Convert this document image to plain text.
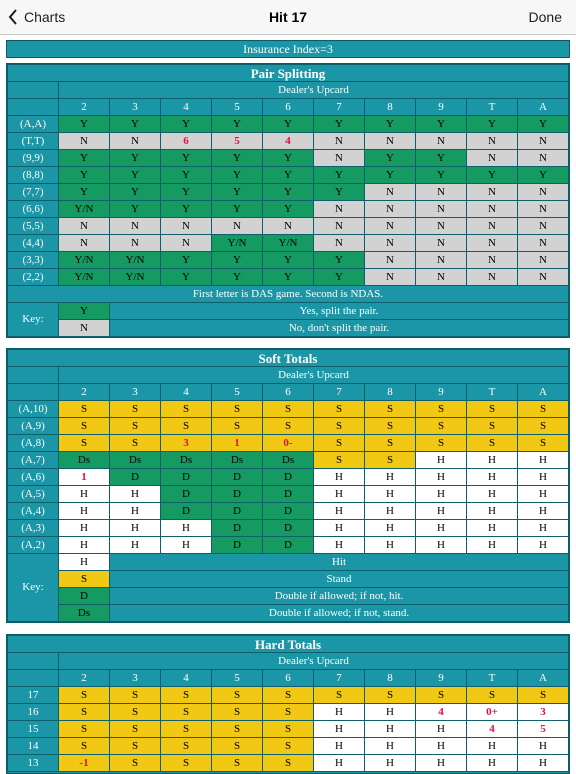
Charts	Hit 17	Done
Insurance Index=3
Pair Splitting										
	Dealer's Upcard									
	2	3	4	5	6	7	8	9	T	A
(A,A)	Y	Y	Y	Y	Y	Y	Y	Y	Y	Y
(T,T)	N	N	6	5	4	N	N	N	N	N
(9,9)	Y	Y	Y	Y	Y	N	Y	Y	N	N
(8,8)	Y	Y	Y	Y	Y	Y	Y	Y	Y	Y
(7,7)	Y	Y	Y	Y	Y	Y	N	N	N	N
(6,6)	Y/N	Y	Y	Y	Y	N	N	N	N	N
(5,5)	N	N	N	N	N	N	N	N	N	N
(4,4)	N	N	N	Y/N	Y/N	N	N	N	N	N
(3,3)	Y/N	Y/N	Y	Y	Y	Y	N	N	N	N
(2,2)	Y/N	Y/N	Y	Y	Y	Y	N	N	N	N
First letter is DAS game. Second is NDAS.										
Key:	Y	Yes, split the pair.								
	N	No, don't split the pair.								
Soft Totals										
	Dealer's Upcard									
	2	3	4	5	6	7	8	9	T	A
(A,10)	S	S	S	S	S	S	S	S	S	S
(A,9)	S	S	S	S	S	S	S	S	S	S
(A,8)	S	S	3	1	0-	S	S	S	S	S
(A,7)	Ds	Ds	Ds	Ds	Ds	S	S	H	H	H
(A,6)	1	D	D	D	D	H	H	H	H	H
(A,5)	H	H	D	D	D	H	H	H	H	H
(A,4)	H	H	D	D	D	H	H	H	H	H
(A,3)	H	H	H	D	D	H	H	H	H	H
(A,2)	H	H	H	D	D	H	H	H	H	H
Key:	H	Hit								
	S	Stand								
	D	Double if allowed; if not, hit.								
	Ds	Double if allowed; if not, stand.								
Hard Totals										
	Dealer's Upcard									
	2	3	4	5	6	7	8	9	T	A
17	S	S	S	S	S	S	S	S	S	S
16	S	S	S	S	S	H	H	4	0+	3
15	S	S	S	S	S	H	H	H	4	5
14	S	S	S	S	S	H	H	H	H	H
13	-1	S	S	S	S	H	H	H	H	H
